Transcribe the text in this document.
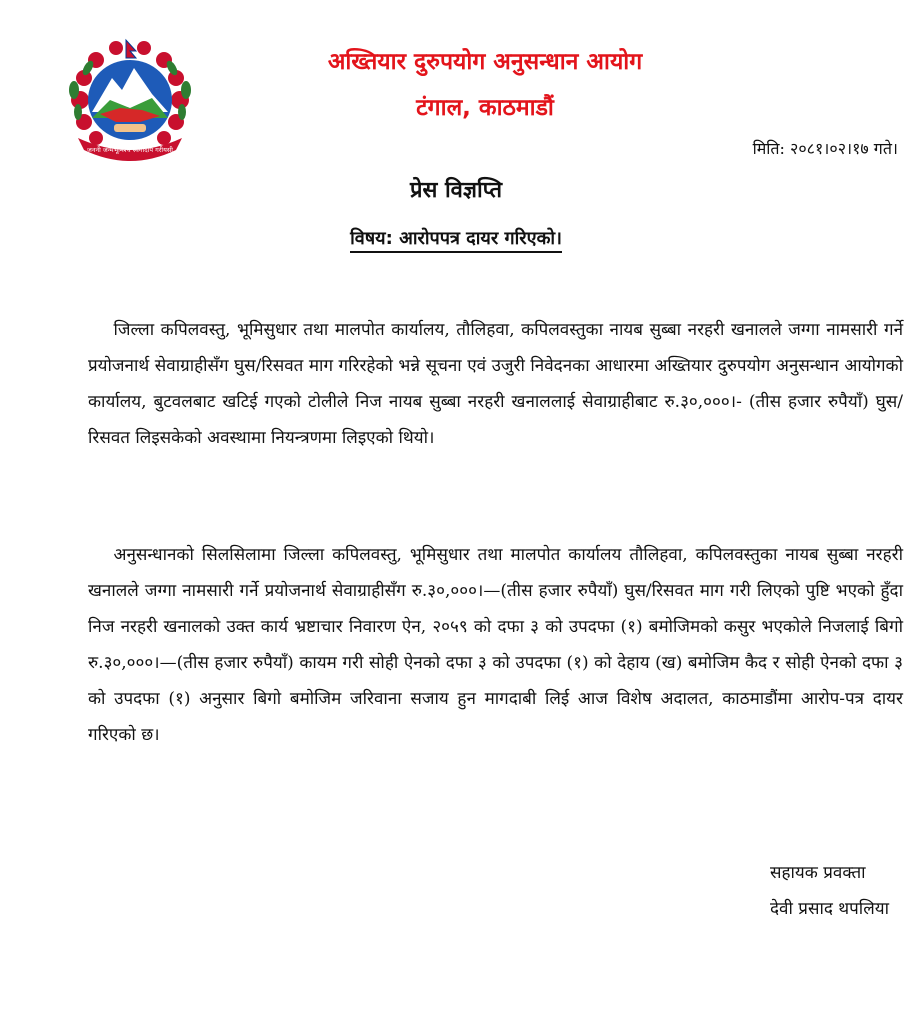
जननी जन्मभूमिश्च स्वर्गादपि गरीयसी
अख्तियार दुरुपयोग अनुसन्धान आयोग
टंगाल, काठमाडौं
मिति: २०८१।०२।१७ गते।
प्रेस विज्ञप्ति
विषय: आरोपपत्र दायर गरिएको।

  जिल्ला कपिलवस्तु, भूमिसुधार तथा मालपोत कार्यालय, तौलिहवा, कपिलवस्तुका नायब सुब्बा नरहरी खनालले जग्गा नामसारी गर्ने प्रयोजनार्थ सेवाग्राहीसँग घुस/रिसवत माग गरिरहेको भन्ने सूचना एवं उजुरी निवेदनका आधारमा अख्तियार दुरुपयोग अनुसन्धान आयोगको कार्यालय, बुटवलबाट खटिई गएको टोलीले निज नायब सुब्बा नरहरी खनाललाई सेवाग्राहीबाट रु.३०,०००।- (तीस हजार रुपैयाँ) घुस/रिसवत लिइसकेको अवस्थामा नियन्त्रणमा लिइएको थियो।

  अनुसन्धानको सिलसिलामा जिल्ला कपिलवस्तु, भूमिसुधार तथा मालपोत कार्यालय तौलिहवा, कपिलवस्तुका नायब सुब्बा नरहरी खनालले जग्गा नामसारी गर्ने प्रयोजनार्थ सेवाग्राहीसँग रु.३०,०००।—(तीस हजार रुपैयाँ) घुस/रिसवत माग गरी लिएको पुष्टि भएको हुँदा निज नरहरी खनालको उक्त कार्य भ्रष्टाचार निवारण ऐन, २०५९ को दफा ३ को उपदफा (१) बमोजिमको कसुर भएकोले निजलाई बिगो रु.३०,०००।—(तीस हजार रुपैयाँ) कायम गरी सोही ऐनको दफा ३ को उपदफा (१) को देहाय (ख) बमोजिम कैद र सोही ऐनको दफा ३ को उपदफा (१) अनुसार बिगो बमोजिम जरिवाना सजाय हुन मागदाबी लिई आज विशेष अदालत, काठमाडौंमा आरोप-पत्र दायर गरिएको छ।

सहायक प्रवक्ता
देवी प्रसाद थपलिया
